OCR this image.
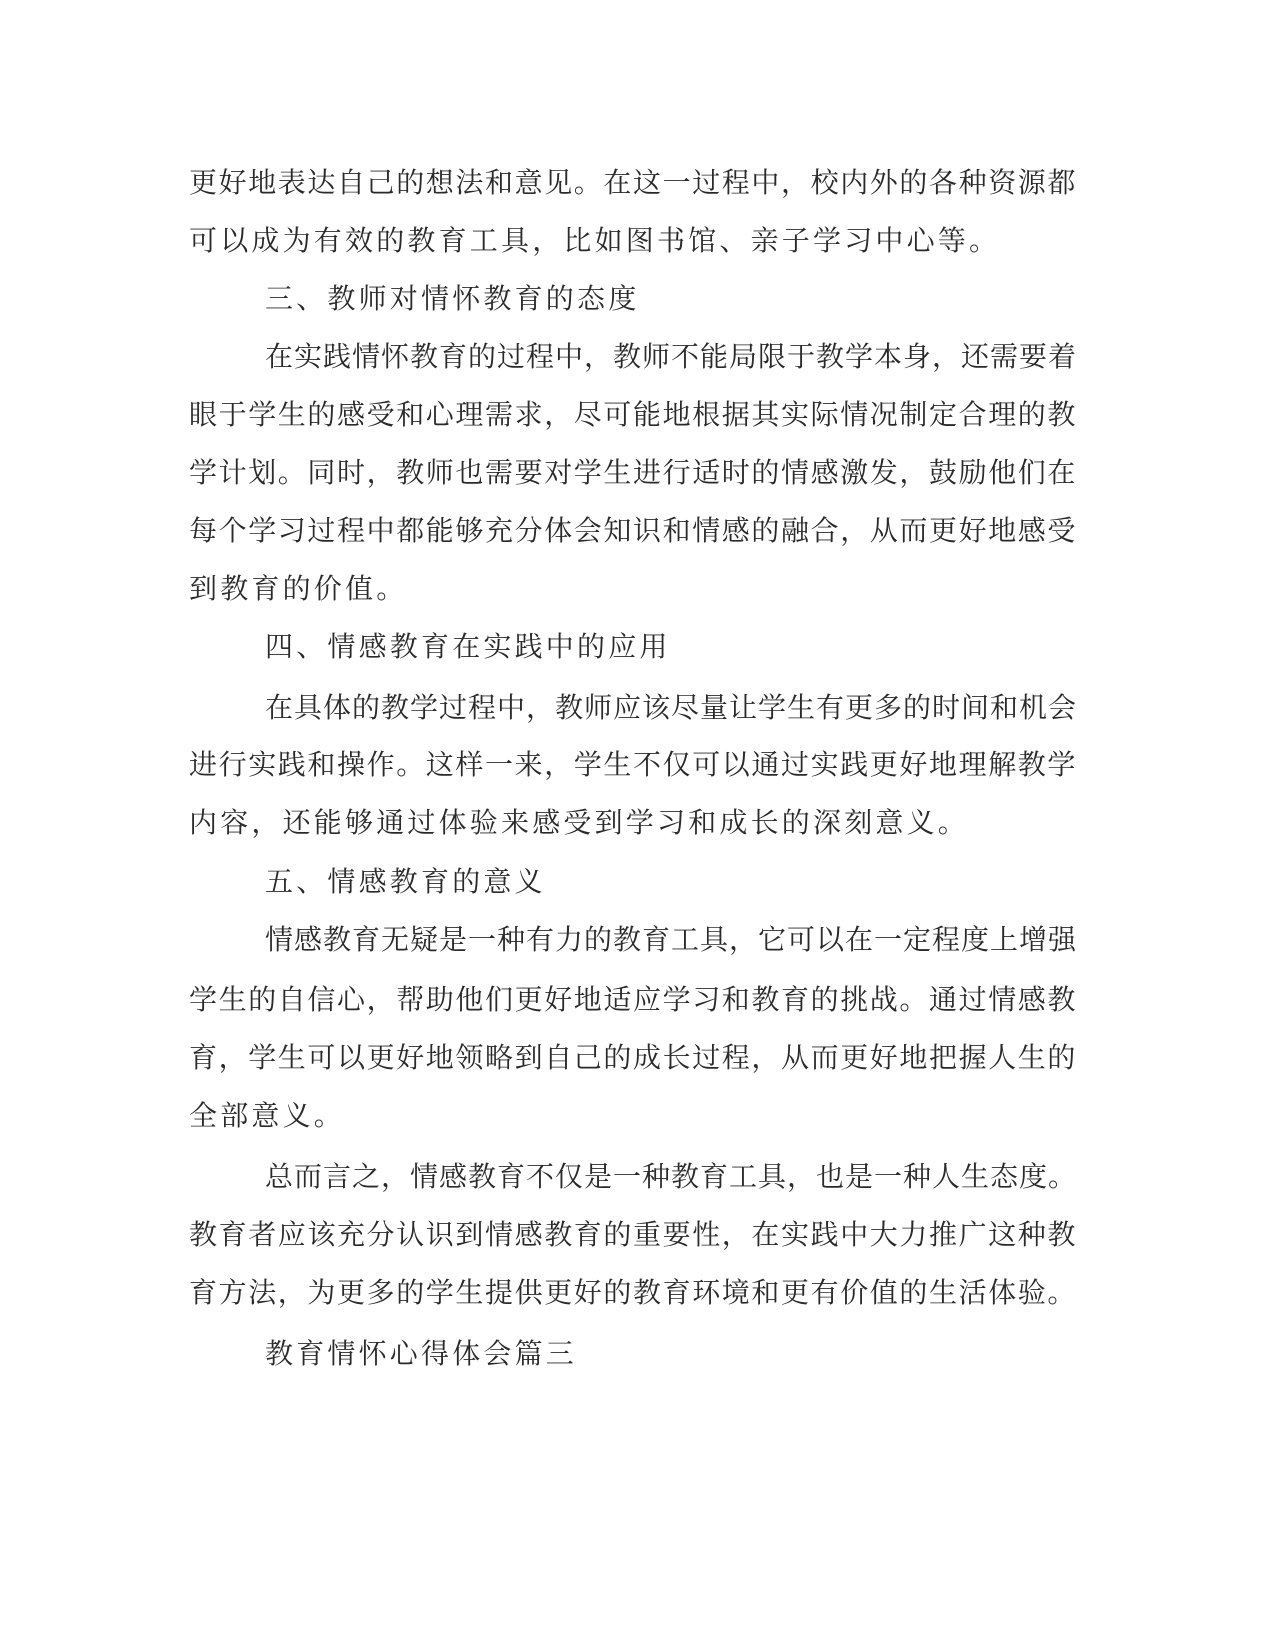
更好地表达自己的想法和意见。在这一过程中，校内外的各种资源都
可以成为有效的教育工具，比如图书馆、亲子学习中心等。
三、教师对情怀教育的态度
在实践情怀教育的过程中，教师不能局限于教学本身，还需要着
眼于学生的感受和心理需求，尽可能地根据其实际情况制定合理的教
学计划。同时，教师也需要对学生进行适时的情感激发，鼓励他们在
每个学习过程中都能够充分体会知识和情感的融合，从而更好地感受
到教育的价值。
四、情感教育在实践中的应用
在具体的教学过程中，教师应该尽量让学生有更多的时间和机会
进行实践和操作。这样一来，学生不仅可以通过实践更好地理解教学
内容，还能够通过体验来感受到学习和成长的深刻意义。
五、情感教育的意义
情感教育无疑是一种有力的教育工具，它可以在一定程度上增强
学生的自信心，帮助他们更好地适应学习和教育的挑战。通过情感教
育，学生可以更好地领略到自己的成长过程，从而更好地把握人生的
全部意义。
总而言之，情感教育不仅是一种教育工具，也是一种人生态度。
教育者应该充分认识到情感教育的重要性，在实践中大力推广这种教
育方法，为更多的学生提供更好的教育环境和更有价值的生活体验。
教育情怀心得体会篇三
